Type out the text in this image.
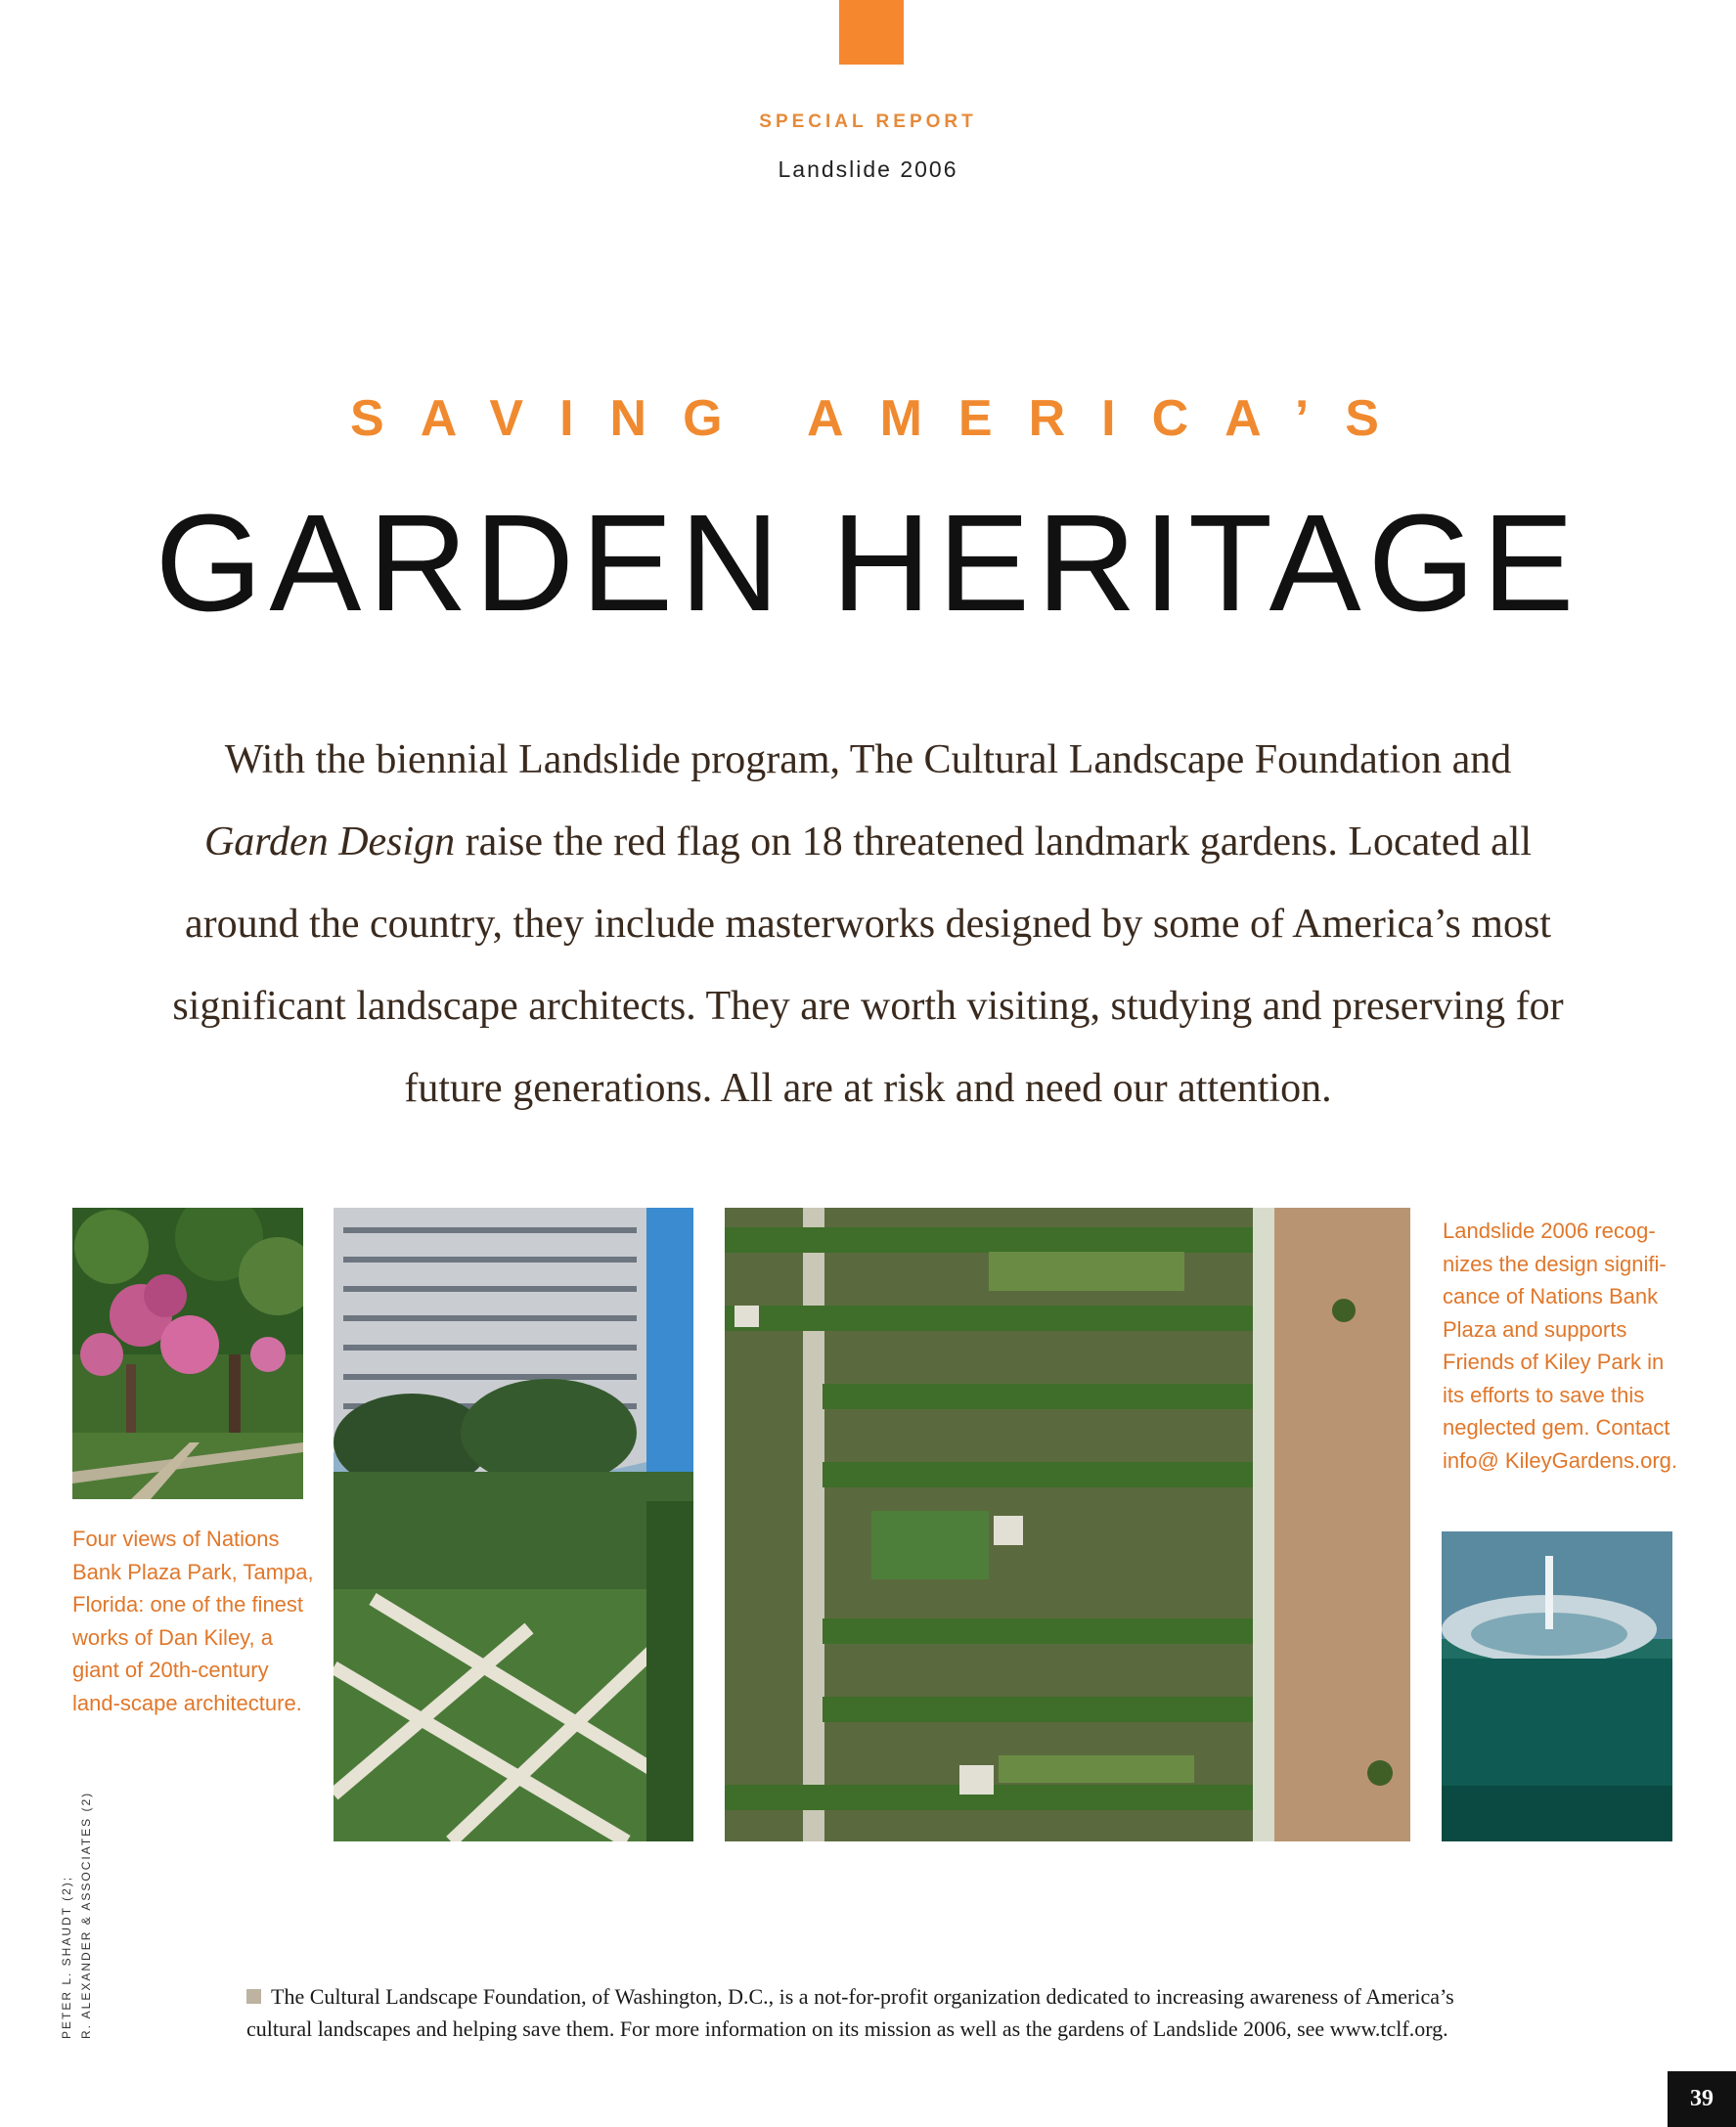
SPECIAL REPORT
Landslide 2006
SAVING AMERICA’S
GARDEN HERITAGE
With the biennial Landslide program, The Cultural Landscape Foundation and Garden Design raise the red flag on 18 threatened landmark gardens. Located all around the country, they include masterworks designed by some of America’s most significant landscape architects. They are worth visiting, studying and preserving for future generations. All are at risk and need our attention.
Four views of Nations Bank Plaza Park, Tampa, Florida: one of the finest works of Dan Kiley, a giant of 20th-century land-scape architecture.
Landslide 2006 recog-nizes the design signifi-cance of Nations Bank Plaza and supports Friends of Kiley Park in its efforts to save this neglected gem. Contact info@ KileyGardens.org.
PETER L. SHAUDT (2); R. ALEXANDER & ASSOCIATES (2)	The Cultural Landscape Foundation, of Washington, D.C., is a not-for-profit organization dedicated to increasing awareness of America’s cultural landscapes and helping save them. For more information on its mission as well as the gardens of Landslide 2006, see www.tclf.org.
39
